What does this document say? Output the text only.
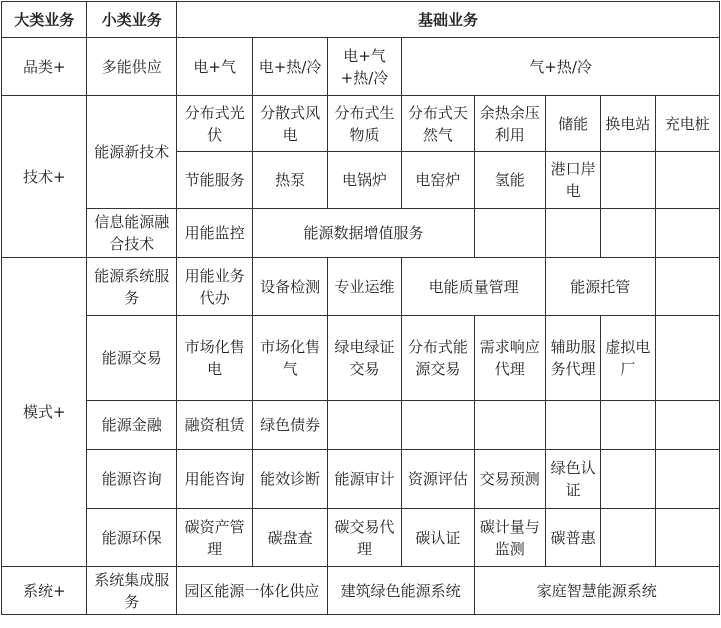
大类业务	小类业务	基础业务							
品类+	多能供应	电+气	电+热/冷	电+气+热/冷	气+热/冷				
技术+	能源新技术	分布式光伏	分散式风电	分布式生物质	分布式天然气	余热余压利用	储能	换电站	充电桩
		节能服务	热泵	电锅炉	电窑炉	氢能	港口岸电		
	信息能源融合技术	用能监控	能源数据增值服务						
模式+	能源系统服务	用能业务代办	设备检测	专业运维	电能质量管理		能源托管		
	能源交易	市场化售电	市场化售气	绿电绿证交易	分布式能源交易	需求响应代理	辅助服务代理	虚拟电厂	
	能源金融	融资租赁	绿色债券						
	能源咨询	用能咨询	能效诊断	能源审计	资源评估	交易预测	绿色认证		
	能源环保	碳资产管理	碳盘查	碳交易代理	碳认证	碳计量与监测	碳普惠		
系统+	系统集成服务	园区能源一体化供应		建筑绿色能源系统		家庭智慧能源系统			
